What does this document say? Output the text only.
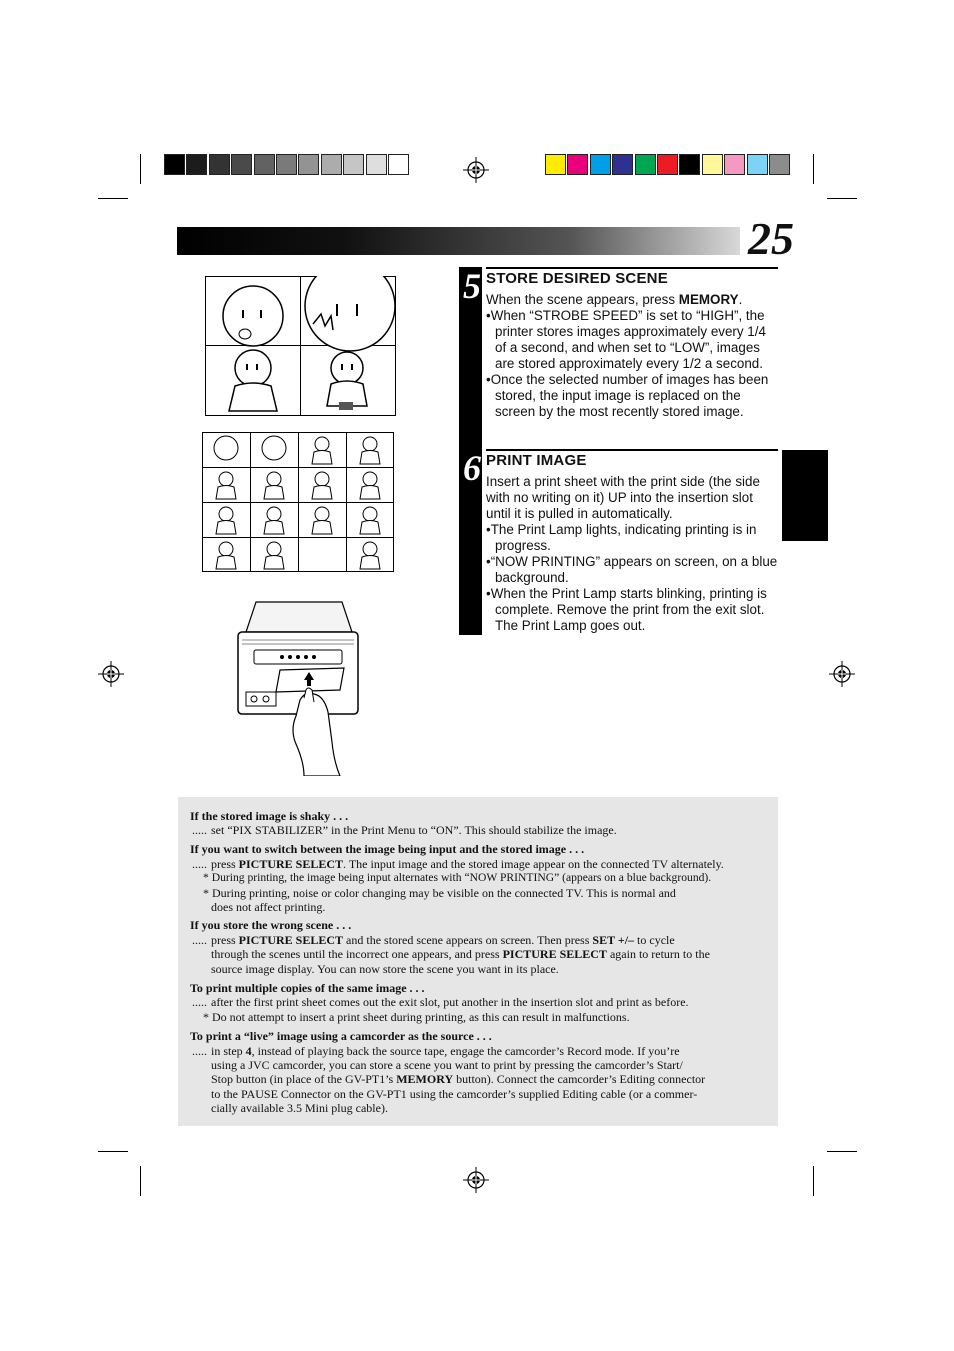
25
5
6
STORE DESIRED SCENE

When the scene appears, press MEMORY.

•When “STROBE SPEED” is set to “HIGH”, the printer stores images approximately every 1/4 of a second, and when set to “LOW”, images are stored approximately every 1/2 a second.

•Once the selected number of images has been stored, the input image is replaced on the screen by the most recently stored image.

PRINT IMAGE

Insert a print sheet with the print side (the side with no writing on it) UP into the insertion slot until it is pulled in automatically.

•The Print Lamp lights, indicating printing is in progress.

•“NOW PRINTING” appears on screen, on a blue background.

•When the Print Lamp starts blinking, printing is complete. Remove the print from the exit slot. The Print Lamp goes out.

If the stored image is shaky . . .
..... set “PIX STABILIZER” in the Print Menu to “ON”. This should stabilize the image.
If you want to switch between the image being input and the stored image . . .
..... press PICTURE SELECT. The input image and the stored image appear on the connected TV alternately.
* During printing, the image being input alternates with “NOW PRINTING” (appears on a blue background).
* During printing, noise or color changing may be visible on the connected TV. This is normal and
does not affect printing.
If you store the wrong scene . . .
..... press PICTURE SELECT and the stored scene appears on screen. Then press SET +/– to cycle
through the scenes until the incorrect one appears, and press PICTURE SELECT again to return to the
source image display. You can now store the scene you want in its place.
To print multiple copies of the same image . . .
..... after the first print sheet comes out the exit slot, put another in the insertion slot and print as before.
* Do not attempt to insert a print sheet during printing, as this can result in malfunctions.
To print a “live” image using a camcorder as the source . . .
..... in step 4, instead of playing back the source tape, engage the camcorder’s Record mode. If you’re
using a JVC camcorder, you can store a scene you want to print by pressing the camcorder’s Start/
Stop button (in place of the GV-PT1’s MEMORY button). Connect the camcorder’s Editing connector
to the PAUSE Connector on the GV-PT1 using the camcorder’s supplied Editing cable (or a commer-
cially available 3.5 Mini plug cable).
